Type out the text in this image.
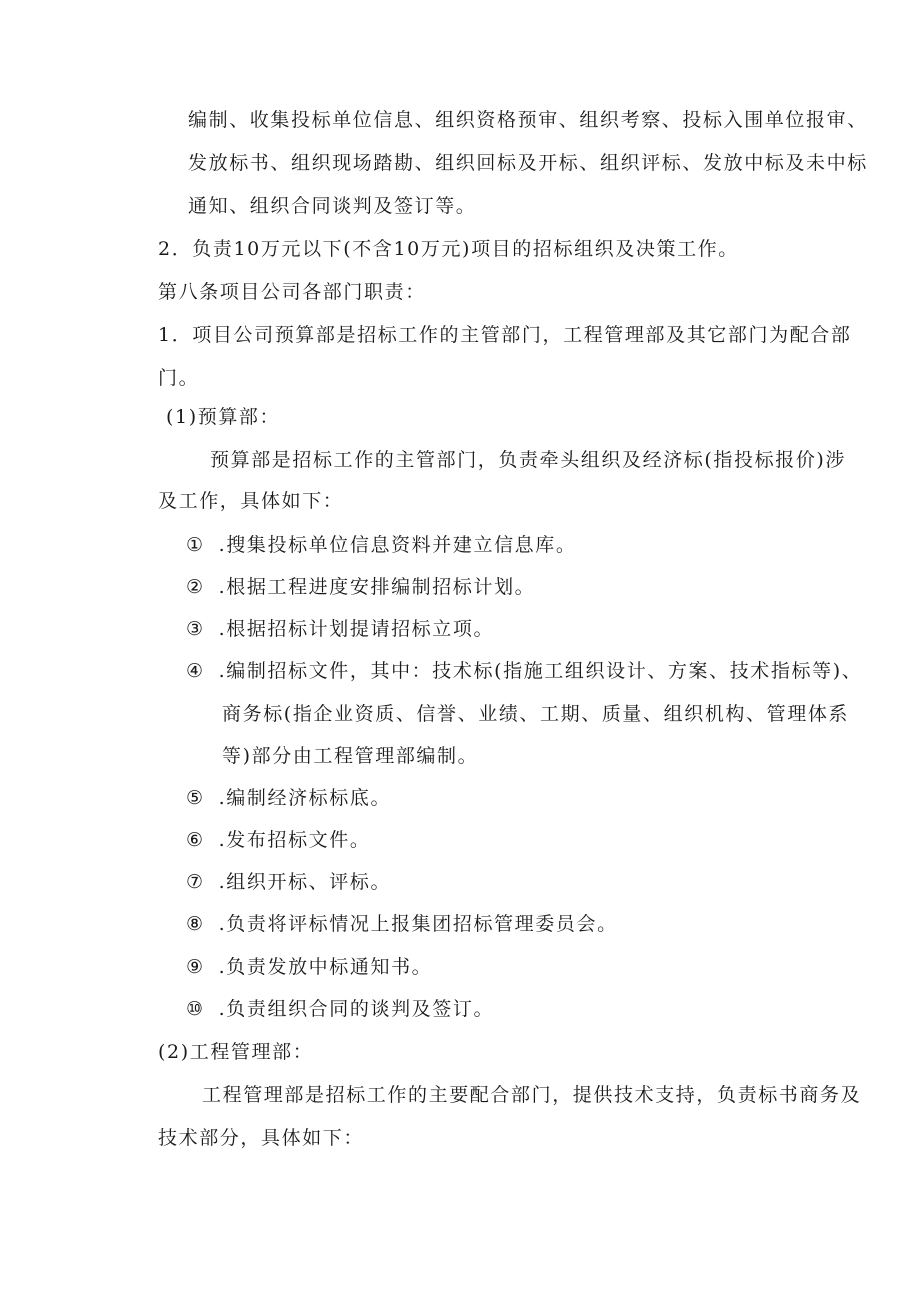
编制、收集投标单位信息、组织资格预审、组织考察、投标入围单位报审、
发放标书、组织现场踏勘、组织回标及开标、组织评标、发放中标及未中标
通知、组织合同谈判及签订等。
2．负责10万元以下(不含10万元)项目的招标组织及决策工作。
第八条项目公司各部门职责：
1．项目公司预算部是招标工作的主管部门，工程管理部及其它部门为配合部
门。
(1)预算部：
预算部是招标工作的主管部门，负责牵头组织及经济标(指投标报价)涉
及工作，具体如下：
① .搜集投标单位信息资料并建立信息库。
② .根据工程进度安排编制招标计划。
③ .根据招标计划提请招标立项。
④ .编制招标文件，其中：技术标(指施工组织设计、方案、技术指标等)、
商务标(指企业资质、信誉、业绩、工期、质量、组织机构、管理体系
等)部分由工程管理部编制。
⑤ .编制经济标标底。
⑥ .发布招标文件。
⑦ .组织开标、评标。
⑧ .负责将评标情况上报集团招标管理委员会。
⑨ .负责发放中标通知书。
⑩ .负责组织合同的谈判及签订。
(2)工程管理部：
工程管理部是招标工作的主要配合部门，提供技术支持，负责标书商务及
技术部分，具体如下：
